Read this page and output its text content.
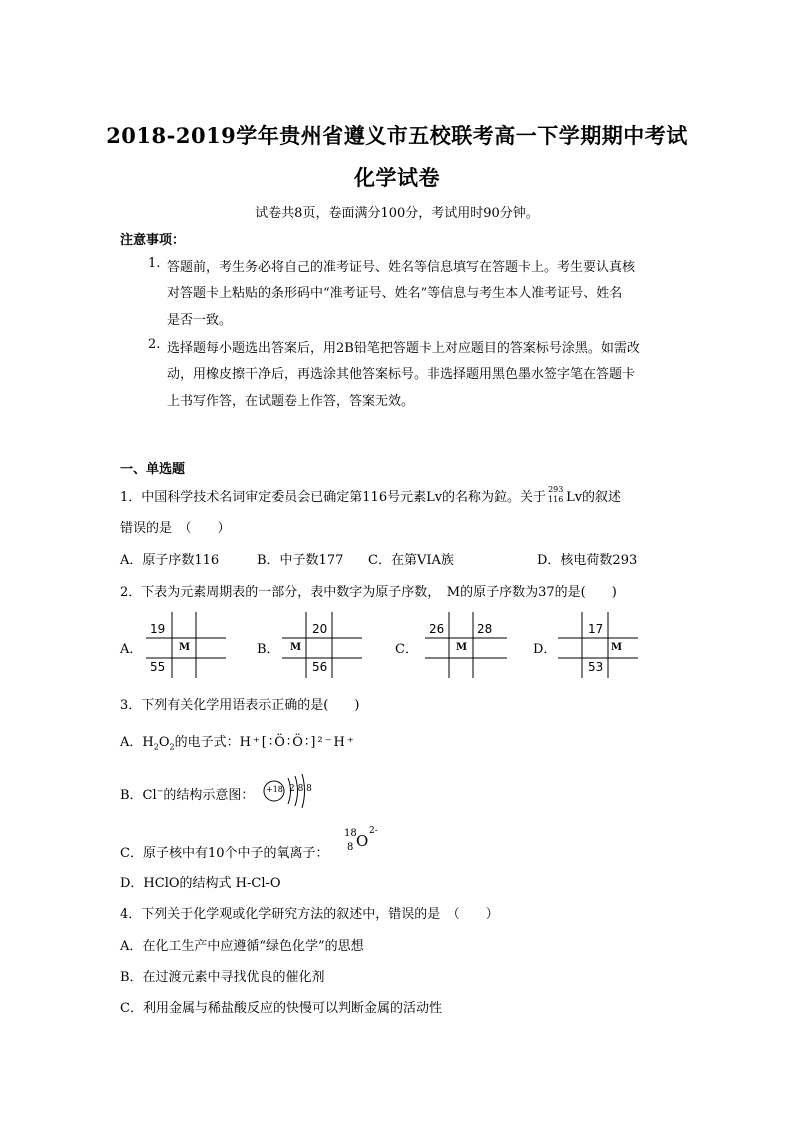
2018-2019学年贵州省遵义市五校联考高一下学期期中考试
化学试卷
试卷共8页，卷面满分100分，考试用时90分钟。
注意事项：
1. 答题前，考生务必将自己的准考证号、姓名等信息填写在答题卡上。考生要认真核
对答题卡上粘贴的条形码中“准考证号、姓名”等信息与考生本人准考证号、姓名
是否一致。
2. 选择题每小题选出答案后，用2B铅笔把答题卡上对应题目的答案标号涂黑。如需改
动，用橡皮擦干净后，再选涂其他答案标号。非选择题用黑色墨水签字笔在答题卡
上书写作答，在试题卷上作答，答案无效。
一、单选题
1．中国科学技术名词审定委员会已确定第116号元素Lv的名称为鉝。关于
293
116 Lv的叙述
错误的是　（　　）
A．原子序数116	B．中子数177 C．在第VIA族	D．核电荷数293
2．下表为元素周期表的一部分，表中数字为原子序数，　M的原子序数为37的是(　　)
A．
19
M
55
B．
20
M
56
C．
26
M
28
D．
17
M
53
3．下列有关化学用语表示正确的是(　　)
A．$H_2O_2$的电子式：H⁺[∶Ö∶Ö∶]²⁻H⁺
B．Cl−的结构示意图： +18 2 8 8
C．原子核中有10个中子的氧离子：
18
8 O
2-
D．HClO的结构式 H-Cl-O
4．下列关于化学观或化学研究方法的叙述中，错误的是　（　　）
A．在化工生产中应遵循“绿色化学”的思想
B．在过渡元素中寻找优良的催化剂
C．利用金属与稀盐酸反应的快慢可以判断金属的活动性
